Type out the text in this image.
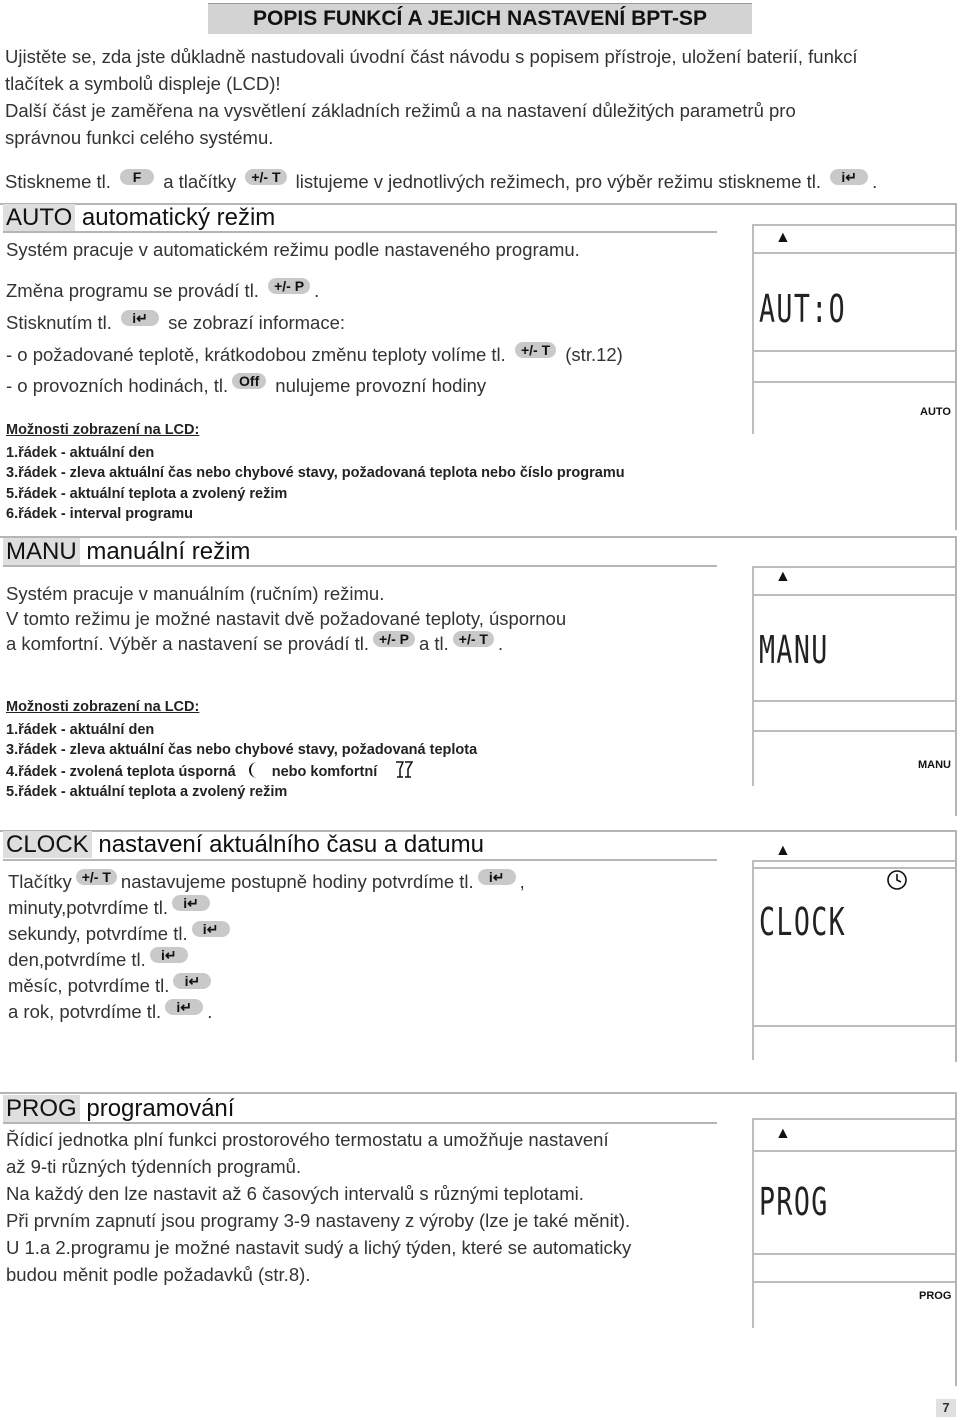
POPIS FUNKCÍ A JEJICH NASTAVENÍ BPT-SP
Ujistěte se, zda jste důkladně nastudovali úvodní část návodu s popisem přístroje, uložení baterií, funkcí
tlačítek a symbolů displeje (LCD)!
Další část je zaměřena na vysvětlení základních režimů a na nastavení důležitých parametrů pro
správnou funkci celého systému.
Stiskneme tl. F a tlačítky +/- T listujeme v jednotlivých režimech, pro výběr režimu stiskneme tl. i↵ .
AUTO automatický režim
Systém pracuje v automatickém režimu podle nastaveného programu.
Změna programu se provádí tl. +/- P .
Stisknutím tl. i↵ se zobrazí informace:
- o požadované teplotě, krátkodobou změnu teploty volíme tl. +/- T (str.12)
- o provozních hodinách, tl. Off nulujeme provozní hodiny
Možnosti zobrazení na LCD:
1.řádek - aktuální den
3.řádek - zleva aktuální čas nebo chybové stavy, požadovaná teplota nebo číslo programu
5.řádek - aktuální teplota a zvolený režim
6.řádek - interval programu
▲
AUT:O
AUTO
MANU manuální režim
Systém pracuje v manuálním (ručním) režimu.
V tomto režimu je možné nastavit dvě požadované teploty, úspornou
a komfortní. Výběr a nastavení se provádí tl. +/- P a tl. +/- T .
Možnosti zobrazení na LCD:
1.řádek - aktuální den
3.řádek - zleva aktuální čas nebo chybové stavy, požadovaná teplota
4.řádek - zvolená teplota úsporná nebo komfortní
5.řádek - aktuální teplota a zvolený režim
▲
MANU
MANU
CLOCK nastavení aktuálního času a datumu
Tlačítky +/- T nastavujeme postupně hodiny potvrdíme tl. i↵ ,
minuty,potvrdíme tl. i↵
sekundy, potvrdíme tl. i↵
den,potvrdíme tl. i↵
měsíc, potvrdíme tl. i↵
a rok, potvrdíme tl. i↵ .
▲
CLOCK
PROG programování
Řídicí jednotka plní funkci prostorového termostatu a umožňuje nastavení
až 9-ti různých týdenních programů.
Na každý den lze nastavit až 6 časových intervalů s různými teplotami.
Při prvním zapnutí jsou programy 3-9 nastaveny z výroby (lze je také měnit).
U 1.a 2.programu je možné nastavit sudý a lichý týden, které se automaticky
budou měnit podle požadavků (str.8).
▲
PROG
PROG
7
